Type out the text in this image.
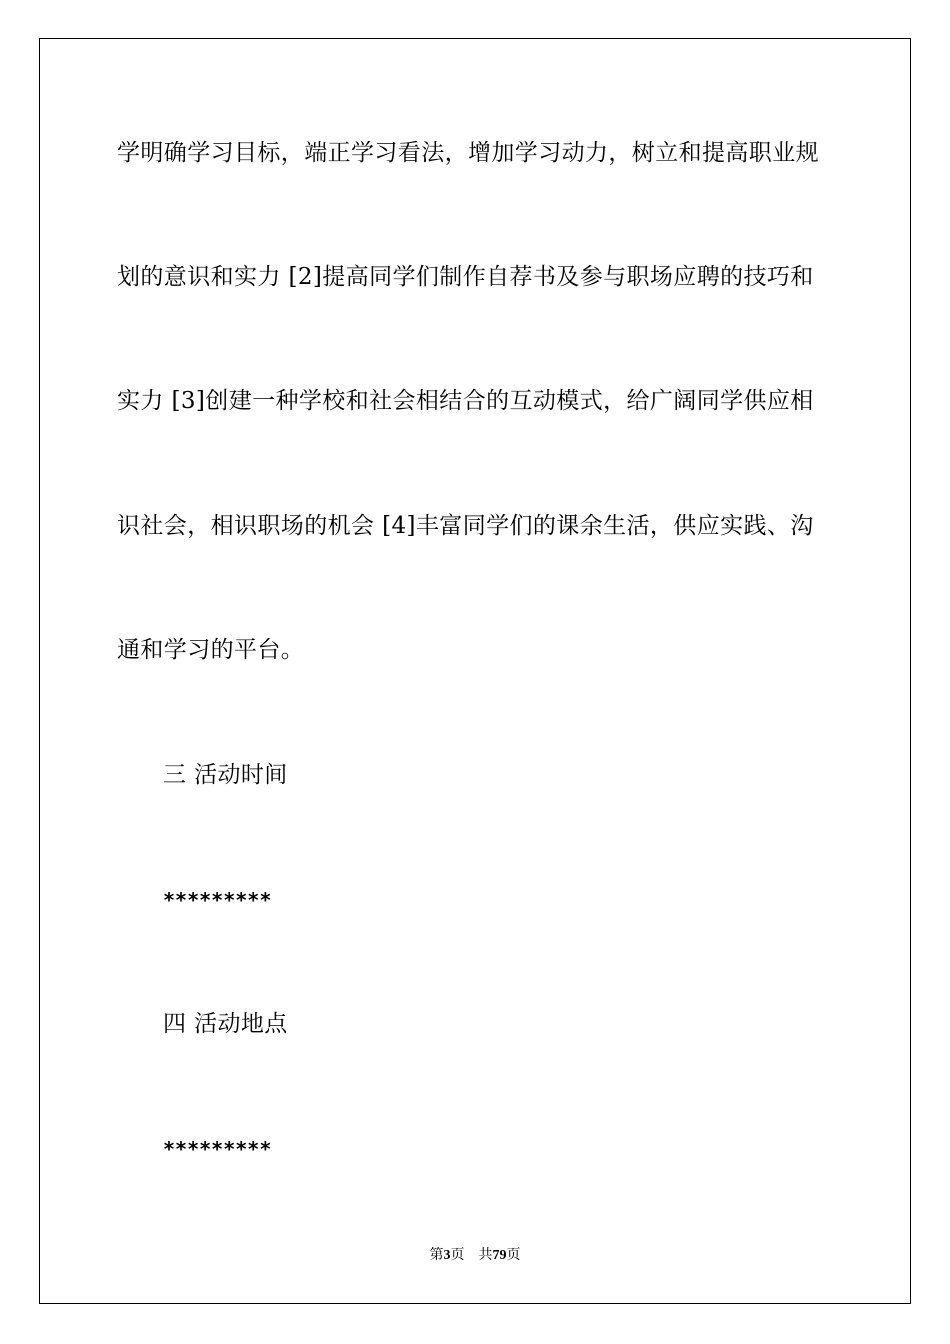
学明确学习目标，端正学习看法，增加学习动力，树立和提高职业规
划的意识和实力 [2]提高同学们制作自荐书及参与职场应聘的技巧和
实力 [3]创建一种学校和社会相结合的互动模式，给广阔同学供应相
识社会，相识职场的机会 [4]丰富同学们的课余生活，供应实践、沟
通和学习的平台。
三 活动时间
*********
四 活动地点
*********
第3页 共79页
